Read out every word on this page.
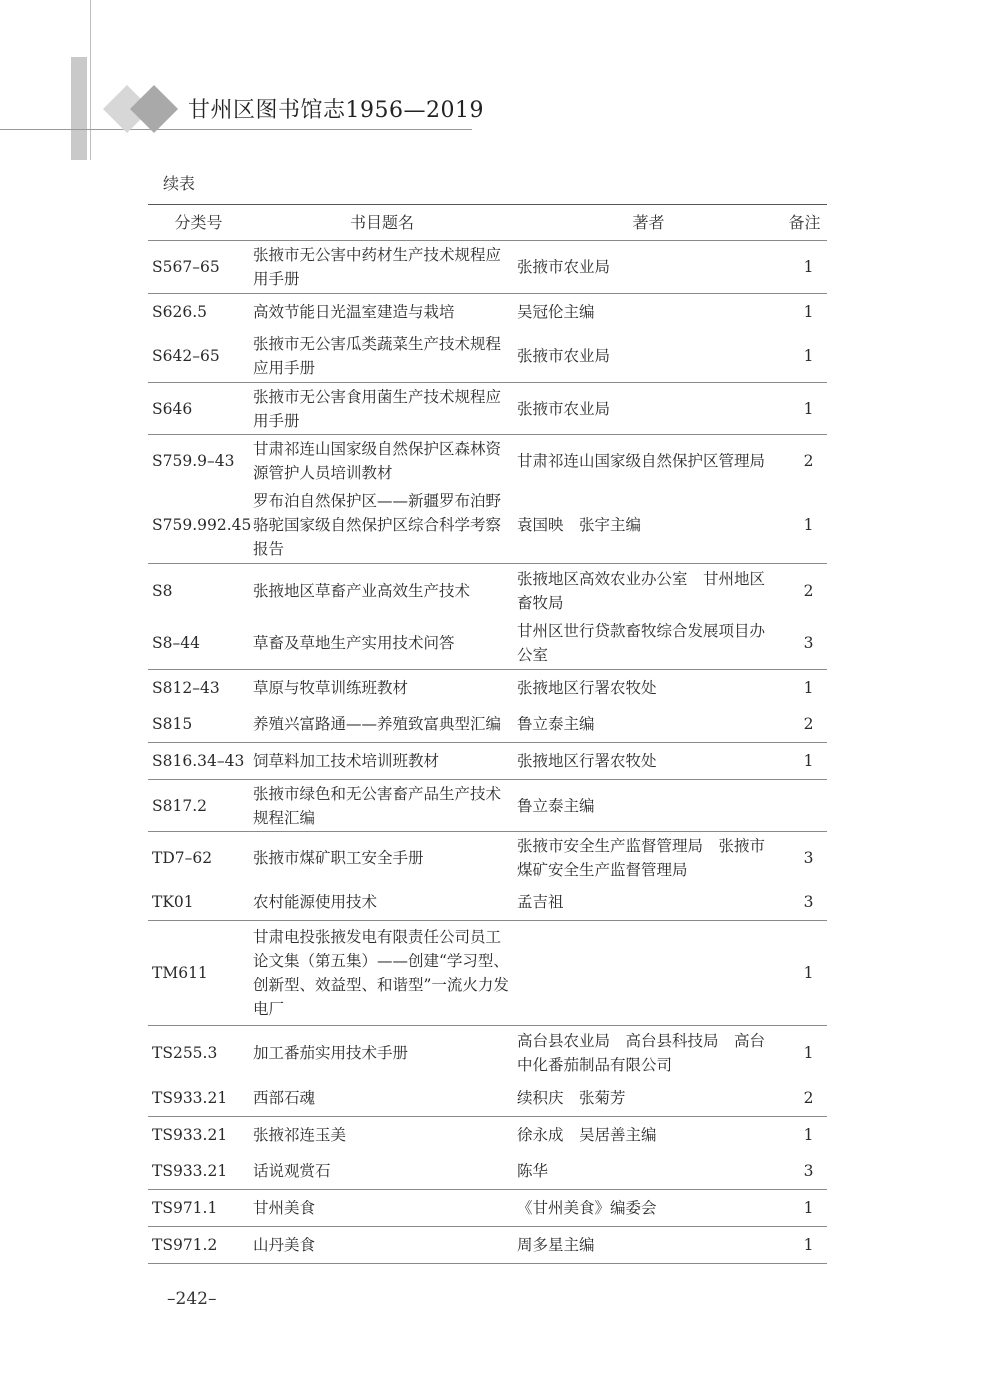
甘州区图书馆志1956—2019
续表
分类号	书目题名	著者	备注
S567–65	张掖市无公害中药材生产技术规程应用手册	张掖市农业局	1
S626.5	高效节能日光温室建造与栽培	吴冠伦主编	1
S642–65	张掖市无公害瓜类蔬菜生产技术规程应用手册	张掖市农业局	1
S646	张掖市无公害食用菌生产技术规程应用手册	张掖市农业局	1
S759.9–43	甘肃祁连山国家级自然保护区森林资源管护人员培训教材	甘肃祁连山国家级自然保护区管理局	2
S759.992.45	罗布泊自然保护区——新疆罗布泊野骆驼国家级自然保护区综合科学考察报告	袁国映　张宇主编	1
S8	张掖地区草畜产业高效生产技术	张掖地区高效农业办公室　甘州地区畜牧局	2
S8–44	草畜及草地生产实用技术问答	甘州区世行贷款畜牧综合发展项目办公室	3
S812–43	草原与牧草训练班教材	张掖地区行署农牧处	1
S815	养殖兴富路通——养殖致富典型汇编	鲁立泰主编	2
S816.34–43	饲草料加工技术培训班教材	张掖地区行署农牧处	1
S817.2	张掖市绿色和无公害畜产品生产技术规程汇编	鲁立泰主编	
TD7–62	张掖市煤矿职工安全手册	张掖市安全生产监督管理局　张掖市煤矿安全生产监督管理局	3
TK01	农村能源使用技术	孟吉祖	3
TM611	甘肃电投张掖发电有限责任公司员工论文集（第五集）——创建“学习型、创新型、效益型、和谐型”一流火力发电厂		1
TS255.3	加工番茄实用技术手册	高台县农业局　高台县科技局　高台中化番茄制品有限公司	1
TS933.21	西部石魂	续积庆　张菊芳	2
TS933.21	张掖祁连玉美	徐永成　吴居善主编	1
TS933.21	话说观赏石	陈华	3
TS971.1	甘州美食	《甘州美食》编委会	1
TS971.2	山丹美食	周多星主编	1
–242–
